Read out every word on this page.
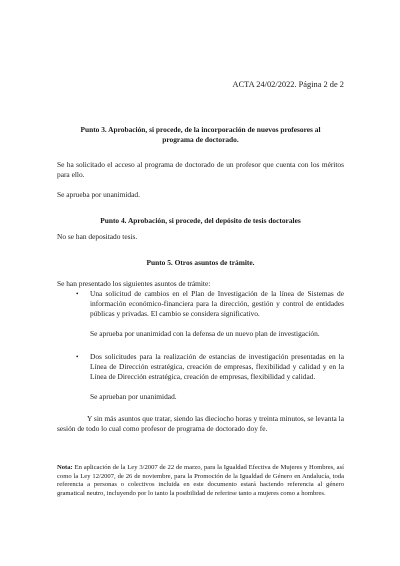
ACTA 24/02/2022. Página 2 de 2

Punto 3. Aprobación, si procede, de la incorporación de nuevos profesores al
programa de doctorado.

Se ha solicitado el acceso al programa de doctorado de un profesor que cuenta con los méritos para ello.

Se aprueba por unanimidad.

Punto 4. Aprobación, si procede, del depósito de tesis doctorales

No se han depositado tesis.

Punto 5. Otros asuntos de trámite.

Se han presentado los siguientes asuntos de trámite:

• Una solicitud de cambios en el Plan de Investigación de la línea de Sistemas de información económico-financiera para la dirección, gestión y control de entidades públicas y privadas. El cambio se considera significativo.

Se aprueba por unanimidad con la defensa de un nuevo plan de investigación.

• Dos solicitudes para la realización de estancias de investigación presentadas en la Línea de Dirección estratégica, creación de empresas, flexibilidad y calidad y en la Línea de Dirección estratégica, creación de empresas, flexibilidad y calidad.

Se aprueban por unanimidad.

Y sin más asuntos que tratar, siendo las dieciocho horas y treinta minutos, se levanta la sesión de todo lo cual como profesor de programa de doctorado doy fe.

Nota: En aplicación de la Ley 3/2007 de 22 de marzo, para la Igualdad Efectiva de Mujeres y Hombres, así como la Ley 12/2007, de 26 de noviembre, para la Promoción de la Igualdad de Género en Andalucía, toda referencia a personas o colectivos incluida en este documento estará haciendo referencia al género gramatical neutro, incluyendo por lo tanto la posibilidad de referirse tanto a mujeres como a hombres.
